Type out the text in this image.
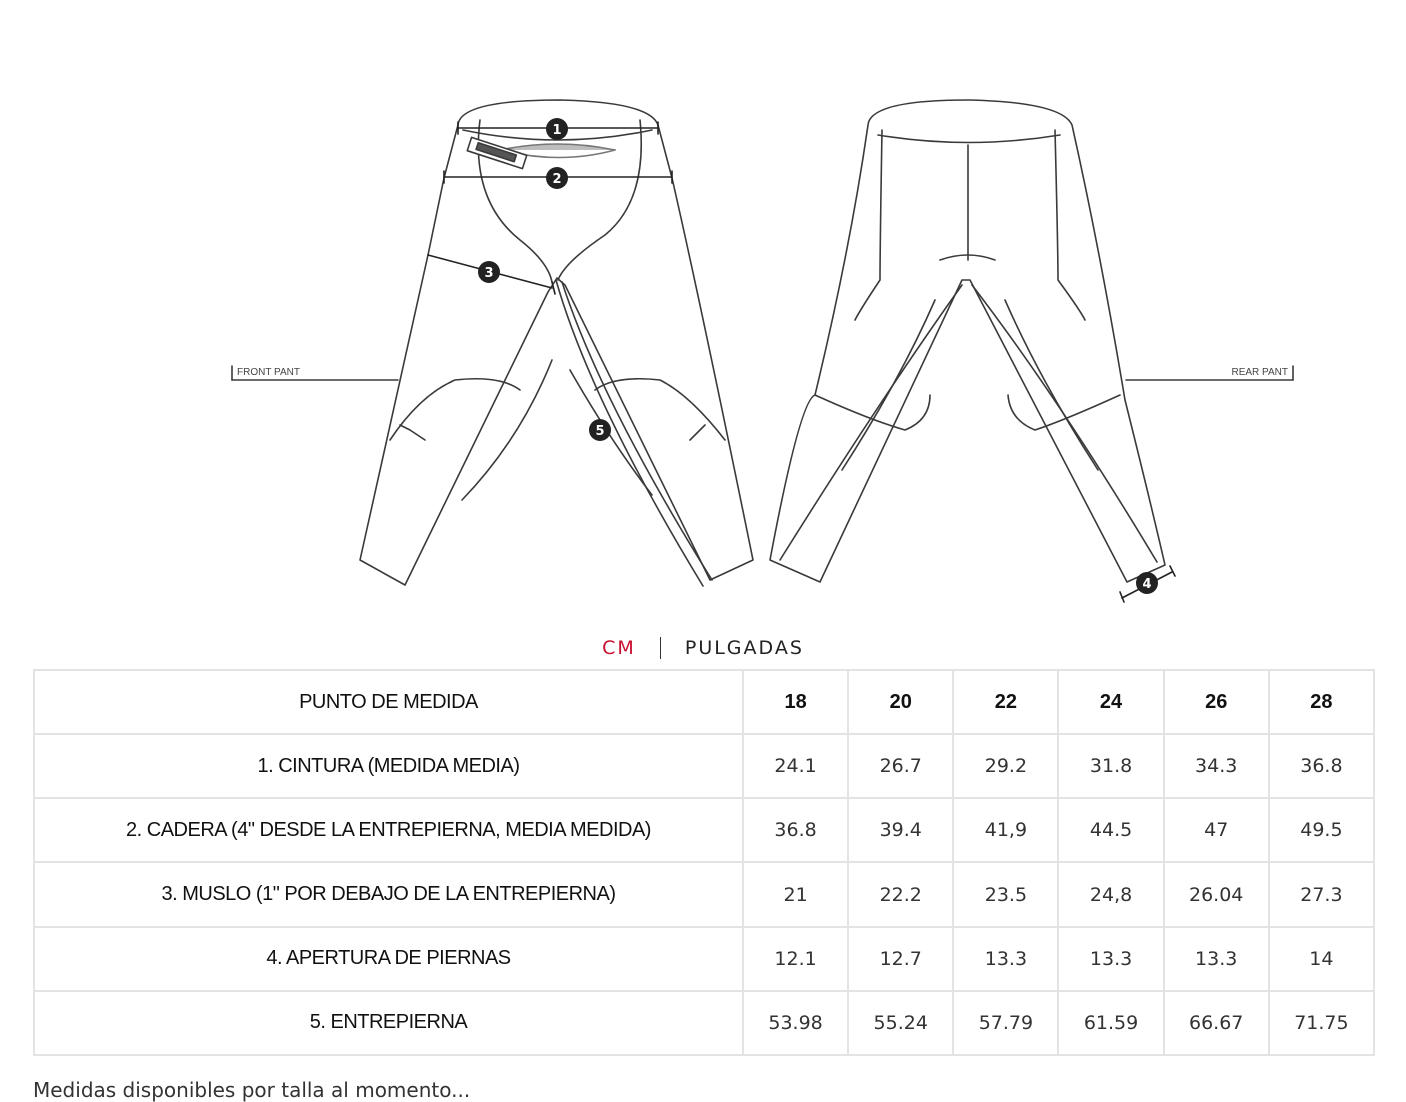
FRONT PANT	REAR PANT
1
2
3
4
5
CM	PULGADAS
PUNTO DE MEDIDA	18	20	22	24	26	28
1. CINTURA (MEDIDA MEDIA)	24.1	26.7	29.2	31.8	34.3	36.8
2. CADERA (4" DESDE LA ENTREPIERNA, MEDIA MEDIDA)	36.8	39.4	41,9	44.5	47	49.5
3. MUSLO (1" POR DEBAJO DE LA ENTREPIERNA)	21	22.2	23.5	24,8	26.04	27.3
4. APERTURA DE PIERNAS	12.1	12.7	13.3	13.3	13.3	14
5. ENTREPIERNA	53.98	55.24	57.79	61.59	66.67	71.75
Medidas disponibles por talla al momento...
